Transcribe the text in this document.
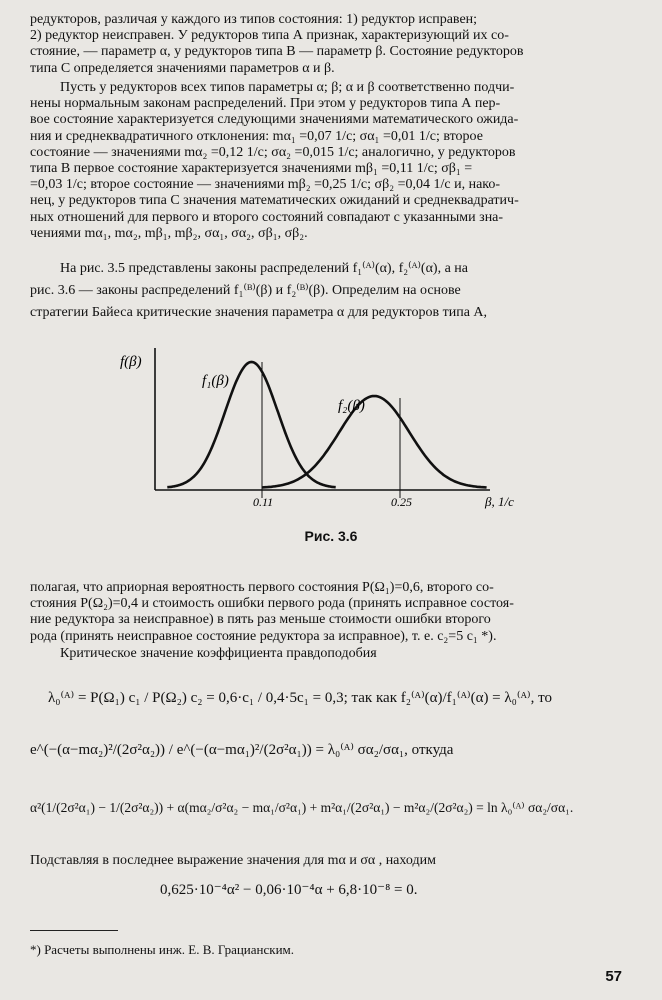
редукторов, различая у каждого из типов состояния: 1) редуктор исправен;
2) редуктор неисправен. У редукторов типа А признак, характеризующий их со-
стояние, — параметр α, у редукторов типа В — параметр β. Состояние редукторов
типа С определяется значениями параметров α и β.
Пусть у редукторов всех типов параметры α; β; α и β соответственно подчи-
нены нормальным законам распределений. При этом у редукторов типа А пер-
вое состояние характеризуется следующими значениями математического ожида-
ния и среднеквадратичного отклонения: mα₁ =0,07 1/с; σα₁ =0,01 1/с; второе
состояние — значениями mα₂ =0,12 1/с; σα₂ =0,015 1/с; аналогично, у редукторов
типа В первое состояние характеризуется значениями mβ₁ =0,11 1/с; σβ₁ =
=0,03 1/с; второе состояние — значениями mβ₂ =0,25 1/с; σβ₂ =0,04 1/с и, нако-
нец, у редукторов типа С значения математических ожиданий и среднеквадратич-
ных отношений для первого и второго состояний совпадают с указанными зна-
чениями mα₁, mα₂, mβ₁, mβ₂, σα₁, σα₂, σβ₁, σβ₂.
На рис. 3.5 представлены законы распределений f₁⁽ᴬ⁾(α), f₂⁽ᴬ⁾(α), а на
рис. 3.6 — законы распределений f₁⁽ᴮ⁾(β) и f₂⁽ᴮ⁾(β). Определим на основе
стратегии Байеса критические значения параметра α для редукторов типа А,
f(β)
f₁(β)
f₂(β)
0.11	0.25	β, 1/c
Рис. 3.6
полагая, что априорная вероятность первого состояния P(Ω₁)=0,6, второго со-
стояния P(Ω₂)=0,4 и стоимость ошибки первого рода (принять исправное состоя-
ние редуктора за неисправное) в пять раз меньше стоимости ошибки второго
рода (принять неисправное состояние редуктора за исправное), т. е. c₂=5 c₁ *).
Критическое значение коэффициента правдоподобия
λ₀⁽ᴬ⁾ = P(Ω₁) c₁ / P(Ω₂) c₂ = 0,6·c₁ / 0,4·5c₁ = 0,3; так как f₂⁽ᴬ⁾(α)/f₁⁽ᴬ⁾(α) = λ₀⁽ᴬ⁾, то
e^(−(α−mα₂)²/(2σ²α₂)) / e^(−(α−mα₁)²/(2σ²α₁)) = λ₀⁽ᴬ⁾ σα₂/σα₁, откуда
α²(1/(2σ²α₁) − 1/(2σ²α₂)) + α(mα₂/σ²α₂ − mα₁/σ²α₁) + m²α₁/(2σ²α₁) − m²α₂/(2σ²α₂) = ln λ₀⁽ᴬ⁾ σα₂/σα₁.
Подставляя в последнее выражение значения для mα и σα , находим
0,625·10⁻⁴α² − 0,06·10⁻⁴α + 6,8·10⁻⁸ = 0.
*) Расчеты выполнены инж. Е. В. Грацианским.
57
